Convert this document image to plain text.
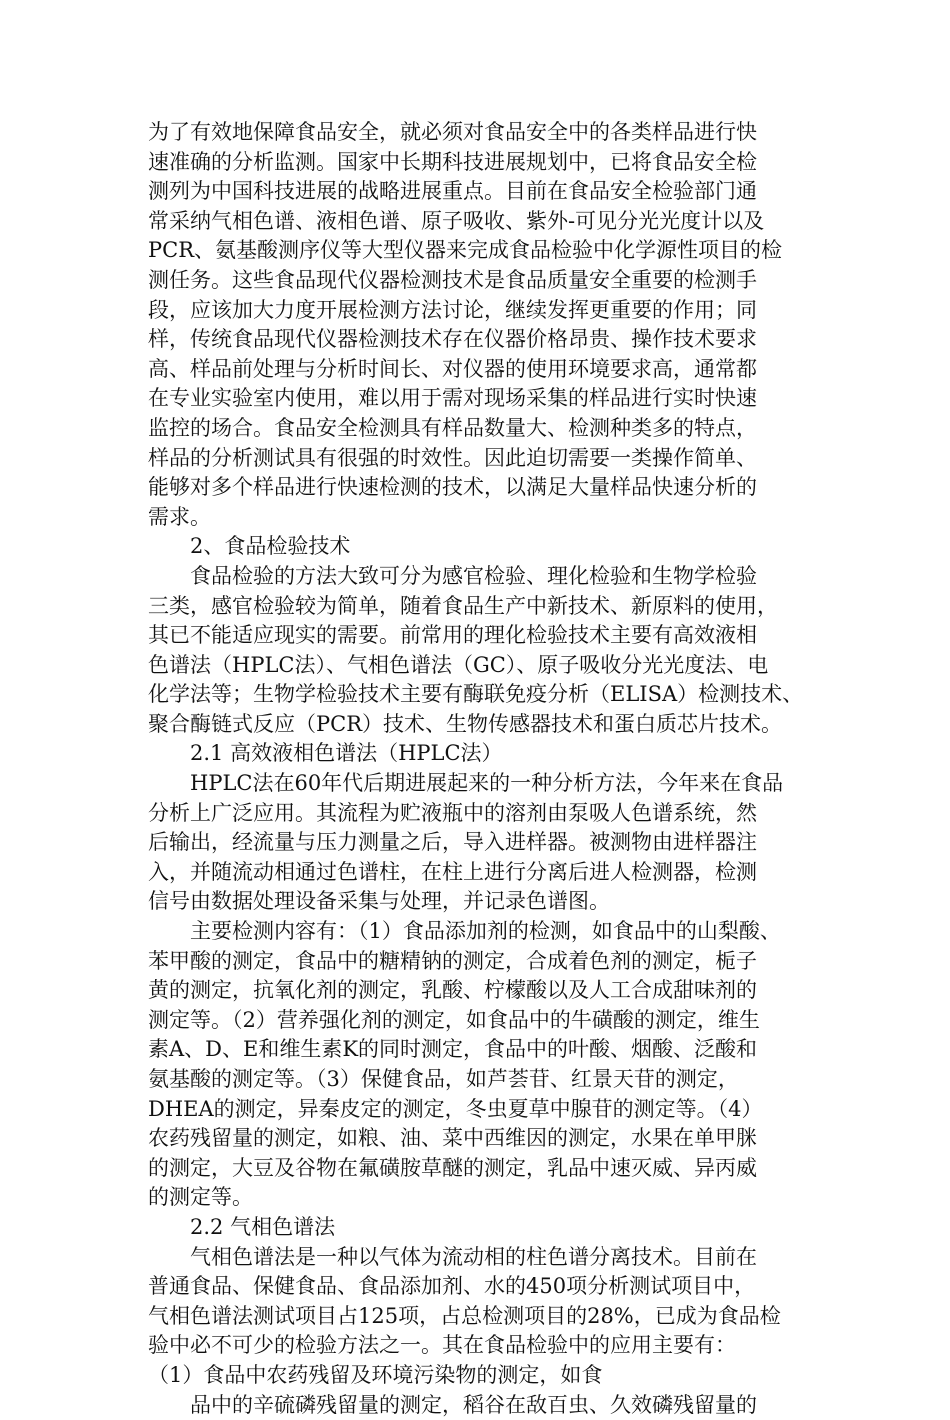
为了有效地保障食品安全，就必须对食品安全中的各类样品进行快
速准确的分析监测。国家中长期科技进展规划中，已将食品安全检
测列为中国科技进展的战略进展重点。目前在食品安全检验部门通
常采纳气相色谱、液相色谱、原子吸收、紫外-可见分光光度计以及
PCR、氨基酸测序仪等大型仪器来完成食品检验中化学源性项目的检
测任务。这些食品现代仪器检测技术是食品质量安全重要的检测手
段，应该加大力度开展检测方法讨论，继续发挥更重要的作用；同
样，传统食品现代仪器检测技术存在仪器价格昂贵、操作技术要求
高、样品前处理与分析时间长、对仪器的使用环境要求高，通常都
在专业实验室内使用，难以用于需对现场采集的样品进行实时快速
监控的场合。食品安全检测具有样品数量大、检测种类多的特点，
样品的分析测试具有很强的时效性。因此迫切需要一类操作简单、
能够对多个样品进行快速检测的技术，以满足大量样品快速分析的
需求。
2、食品检验技术
食品检验的方法大致可分为感官检验、理化检验和生物学检验
三类，感官检验较为简单，随着食品生产中新技术、新原料的使用，
其已不能适应现实的需要。前常用的理化检验技术主要有高效液相
色谱法（HPLC法）、气相色谱法（GC）、原子吸收分光光度法、电
化学法等；生物学检验技术主要有酶联免疫分析（ELISA）检测技术、
聚合酶链式反应（PCR）技术、生物传感器技术和蛋白质芯片技术。
2.1 高效液相色谱法（HPLC法）
HPLC法在60年代后期进展起来的一种分析方法，今年来在食品
分析上广泛应用。其流程为贮液瓶中的溶剂由泵吸人色谱系统，然
后输出，经流量与压力测量之后，导入进样器。被测物由进样器注
入，并随流动相通过色谱柱，在柱上进行分离后进人检测器，检测
信号由数据处理设备采集与处理，并记录色谱图。
主要检测内容有：（1）食品添加剂的检测，如食品中的山梨酸、
苯甲酸的测定，食品中的糖精钠的测定，合成着色剂的测定，栀子
黄的测定，抗氧化剂的测定，乳酸、柠檬酸以及人工合成甜味剂的
测定等。（2）营养强化剂的测定，如食品中的牛磺酸的测定，维生
素A、D、E和维生素K的同时测定，食品中的叶酸、烟酸、泛酸和
氨基酸的测定等。（3）保健食品，如芦荟苷、红景天苷的测定，
DHEA的测定，异秦皮定的测定，冬虫夏草中腺苷的测定等。（4）
农药残留量的测定，如粮、油、菜中西维因的测定，水果在单甲脒
的测定，大豆及谷物在氟磺胺草醚的测定，乳品中速灭威、异丙威
的测定等。
2.2 气相色谱法
气相色谱法是一种以气体为流动相的柱色谱分离技术。目前在
普通食品、保健食品、食品添加剂、水的450项分析测试项目中，
气相色谱法测试项目占125项，占总检测项目的28%，已成为食品检
验中必不可少的检验方法之一。其在食品检验中的应用主要有：
（1）食品中农药残留及环境污染物的测定，如食
品中的辛硫磷残留量的测定，稻谷在敌百虫、久效磷残留量的
